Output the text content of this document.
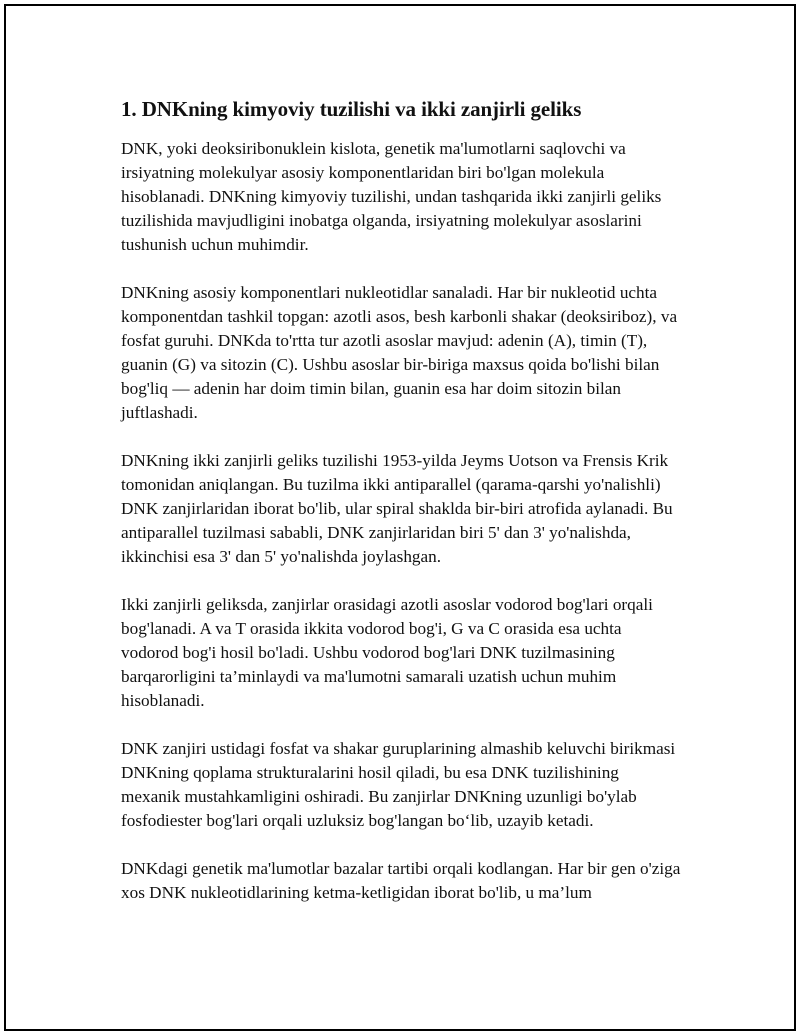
1. DNKning kimyoviy tuzilishi va ikki zanjirli geliks

DNK, yoki deoksiribonuklein kislota, genetik ma'lumotlarni saqlovchi va irsiyatning molekulyar asosiy komponentlaridan biri bo'lgan molekula hisoblanadi. DNKning kimyoviy tuzilishi, undan tashqarida ikki zanjirli geliks tuzilishida mavjudligini inobatga olganda, irsiyatning molekulyar asoslarini tushunish uchun muhimdir.

DNKning asosiy komponentlari nukleotidlar sanaladi. Har bir nukleotid uchta komponentdan tashkil topgan: azotli asos, besh karbonli shakar (deoksiriboz), va fosfat guruhi. DNKda to'rtta tur azotli asoslar mavjud: adenin (A), timin (T), guanin (G) va sitozin (C). Ushbu asoslar bir-biriga maxsus qoida bo'lishi bilan bog'liq — adenin har doim timin bilan, guanin esa har doim sitozin bilan juftlashadi.

DNKning ikki zanjirli geliks tuzilishi 1953-yilda Jeyms Uotson va Frensis Krik tomonidan aniqlangan. Bu tuzilma ikki antiparallel (qarama-qarshi yo'nalishli) DNK zanjirlaridan iborat bo'lib, ular spiral shaklda bir-biri atrofida aylanadi. Bu antiparallel tuzilmasi sababli, DNK zanjirlaridan biri 5' dan 3' yo'nalishda, ikkinchisi esa 3' dan 5' yo'nalishda joylashgan.

Ikki zanjirli geliksda, zanjirlar orasidagi azotli asoslar vodorod bog'lari orqali bog'lanadi. A va T orasida ikkita vodorod bog'i, G va C orasida esa uchta vodorod bog'i hosil bo'ladi. Ushbu vodorod bog'lari DNK tuzilmasining barqarorligini ta’minlaydi va ma'lumotni samarali uzatish uchun muhim hisoblanadi.

DNK zanjiri ustidagi fosfat va shakar guruplarining almashib keluvchi birikmasi DNKning qoplama strukturalarini hosil qiladi, bu esa DNK tuzilishining mexanik mustahkamligini oshiradi. Bu zanjirlar DNKning uzunligi bo'ylab fosfodiester bog'lari orqali uzluksiz bog'langan bo‘lib, uzayib ketadi.

DNKdagi genetik ma'lumotlar bazalar tartibi orqali kodlangan. Har bir gen o'ziga xos DNK nukleotidlarining ketma-ketligidan iborat bo'lib, u ma’lum
